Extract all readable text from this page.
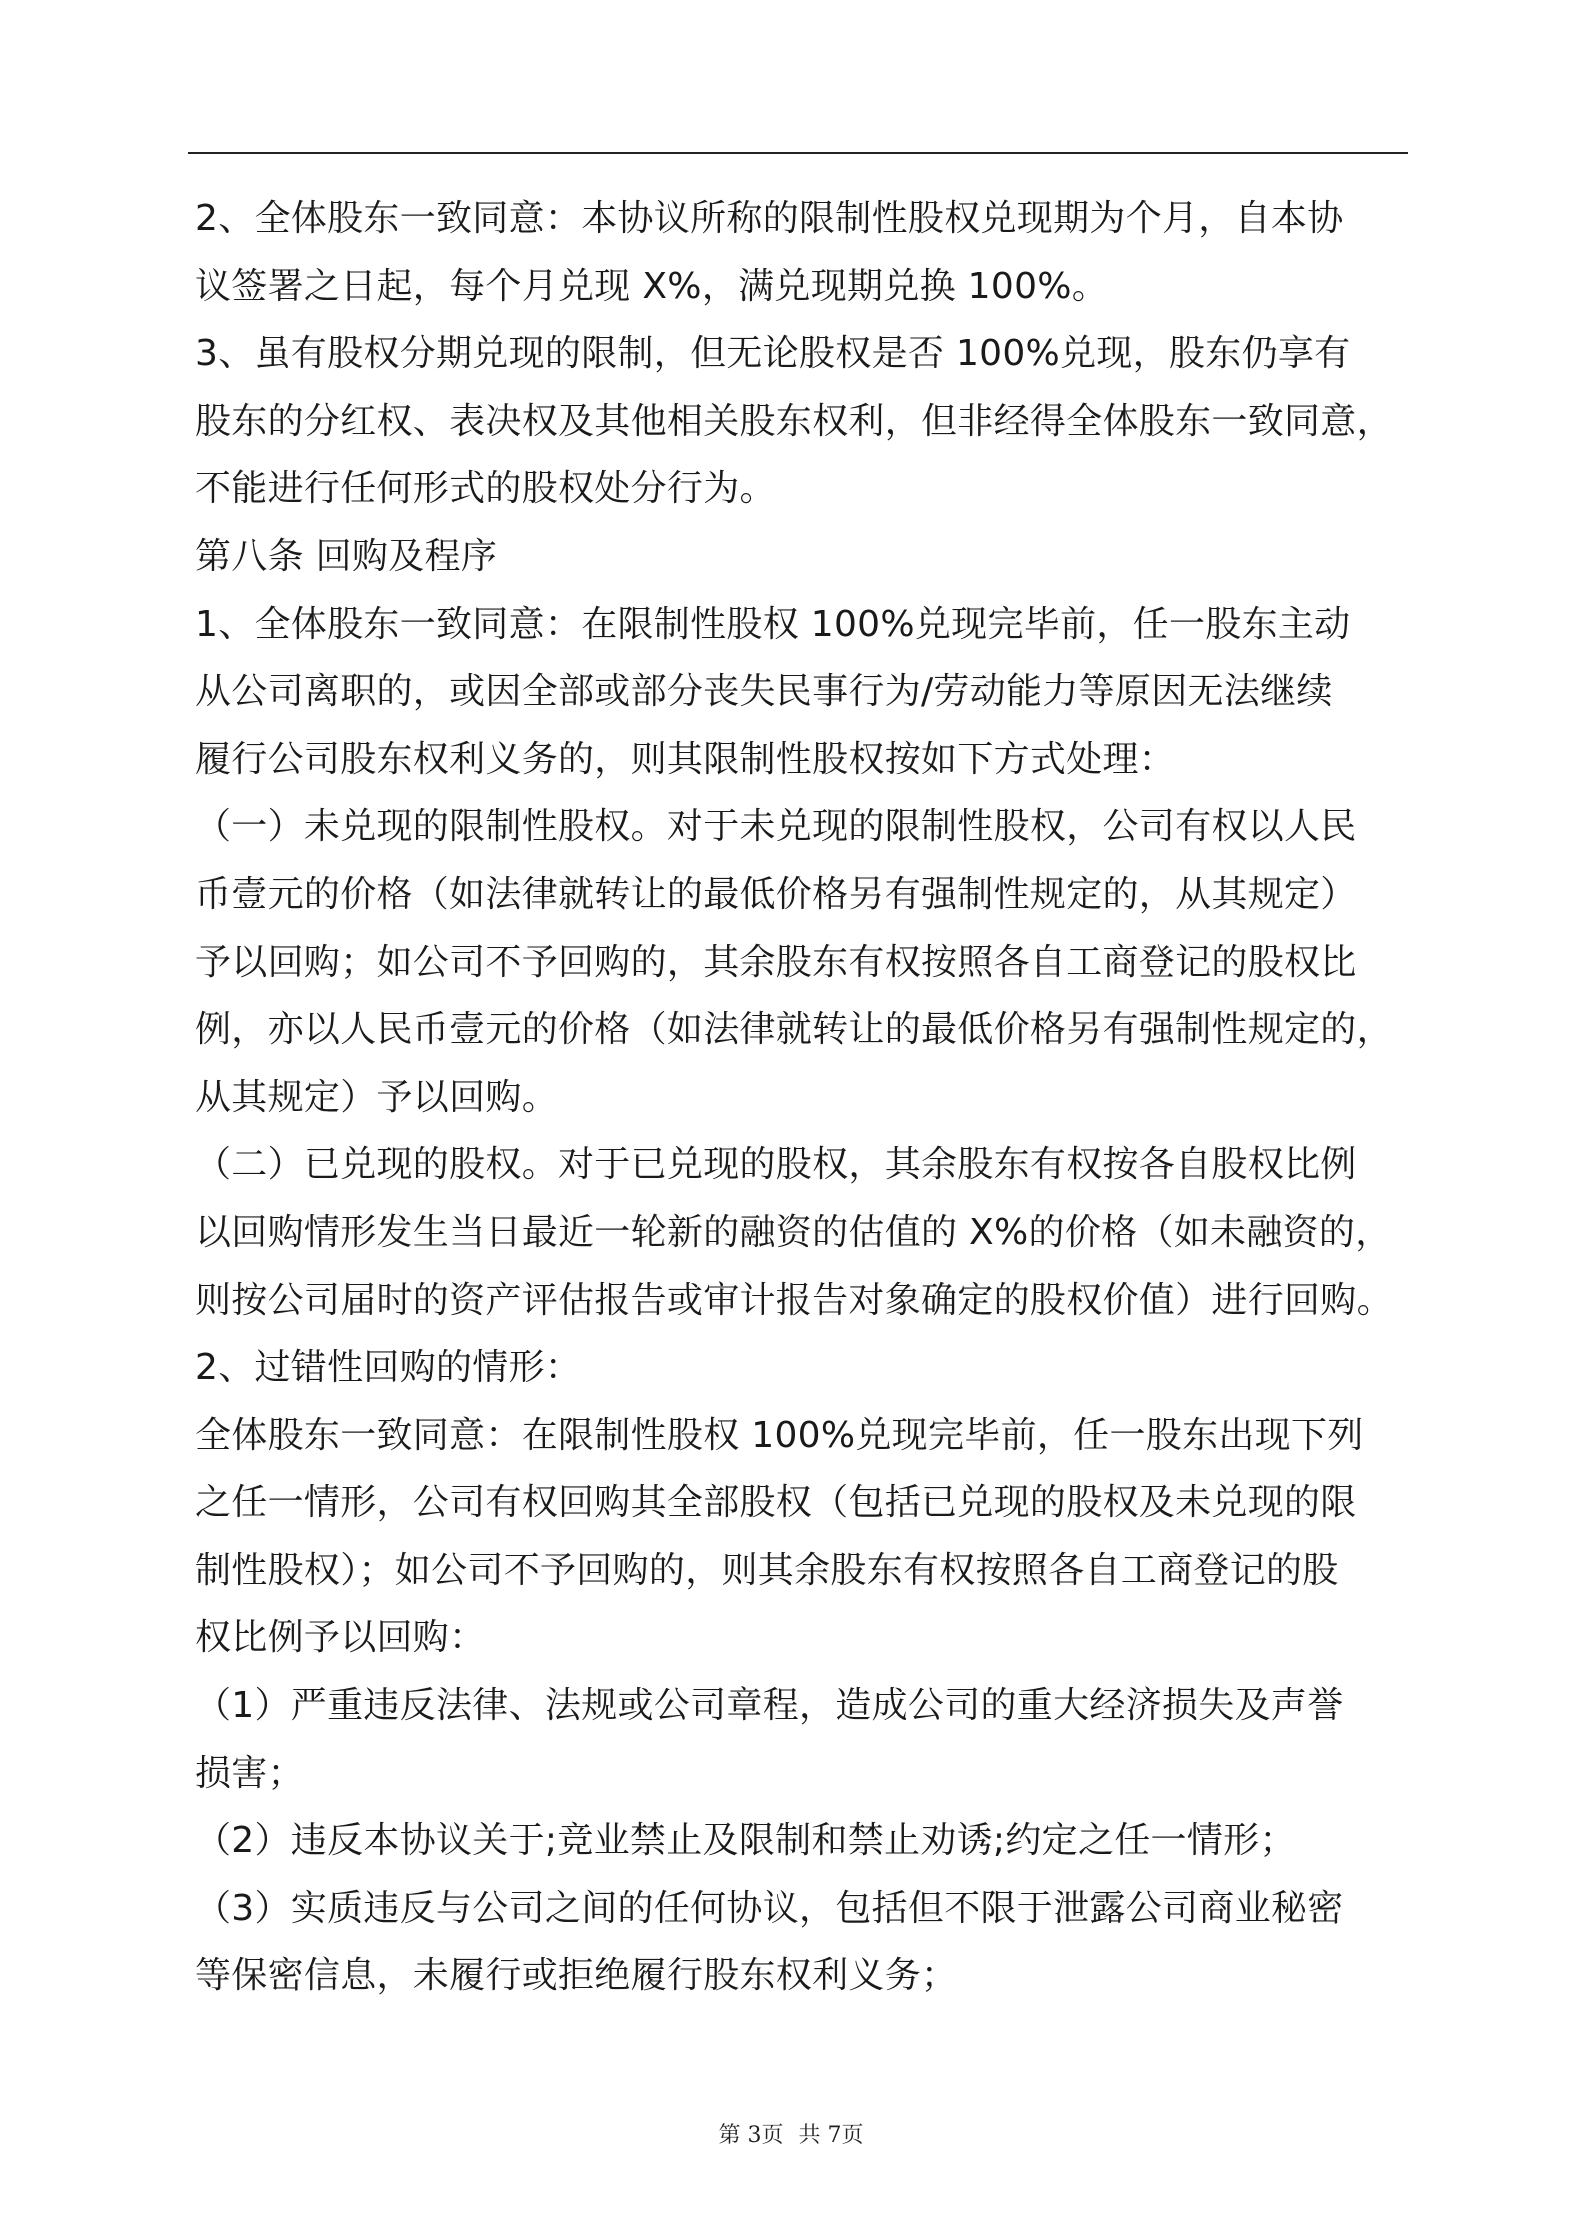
2、全体股东一致同意：本协议所称的限制性股权兑现期为个月，自本协
议签署之日起，每个月兑现 X%，满兑现期兑换 100%。
3、虽有股权分期兑现的限制，但无论股权是否 100%兑现，股东仍享有
股东的分红权、表决权及其他相关股东权利，但非经得全体股东一致同意，
不能进行任何形式的股权处分行为。
第八条 回购及程序
1、全体股东一致同意：在限制性股权 100%兑现完毕前，任一股东主动
从公司离职的，或因全部或部分丧失民事行为/劳动能力等原因无法继续
履行公司股东权利义务的，则其限制性股权按如下方式处理：
（一）未兑现的限制性股权。对于未兑现的限制性股权，公司有权以人民
币壹元的价格（如法律就转让的最低价格另有强制性规定的，从其规定）
予以回购；如公司不予回购的，其余股东有权按照各自工商登记的股权比
例，亦以人民币壹元的价格（如法律就转让的最低价格另有强制性规定的，
从其规定）予以回购。
（二）已兑现的股权。对于已兑现的股权，其余股东有权按各自股权比例
以回购情形发生当日最近一轮新的融资的估值的 X%的价格（如未融资的，
则按公司届时的资产评估报告或审计报告对象确定的股权价值）进行回购。
2、过错性回购的情形：
全体股东一致同意：在限制性股权 100%兑现完毕前，任一股东出现下列
之任一情形，公司有权回购其全部股权（包括已兑现的股权及未兑现的限
制性股权）；如公司不予回购的，则其余股东有权按照各自工商登记的股
权比例予以回购：
（1）严重违反法律、法规或公司章程，造成公司的重大经济损失及声誉
损害；
（2）违反本协议关于;竞业禁止及限制和禁止劝诱;约定之任一情形；
（3）实质违反与公司之间的任何协议，包括但不限于泄露公司商业秘密
等保密信息，未履行或拒绝履行股东权利义务；
第 3页 共 7页
